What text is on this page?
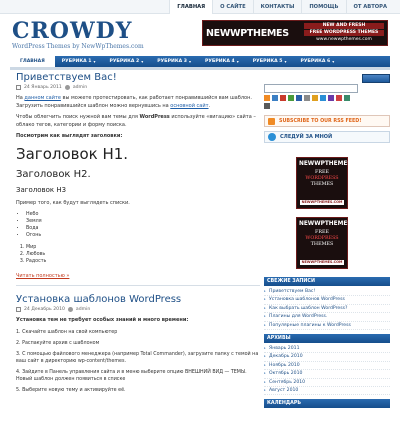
ГЛАВНАЯ	О САЙТЕ	КОНТАКТЫ	ПОМОЩЬ	ОТ АВТОРА
CROWDY
WordPress Themes by NewWpThemes.com
NEWWPTHEMES
NEW AND FRESH
FREE WORDPRESS THEMES
www.newwpthemes.com
ГЛАВНАЯ	РУБРИКА 1 ▾	РУБРИКА 2 ▾	РУБРИКА 3 ▾	РУБРИКА 4 ▾	РУБРИКА 5 ▾	РУБРИКА 6 ▾
Приветствуем Вас!
24 Январь 2011 admin
На данном сайте вы можете протестировать, как работает понравившийся вам шаблон. Загрузить понравившийся шаблон можно вернувшись на основной сайт.
Чтобы облегчить поиск нужной вам темы для WordPress используйте «вигацию» сайта – облако тегов, категории и форму поиска.
Посмотрим как выглядят заголовки:
Заголовок H1.
Заголовок H2.
Заголовок H3
Пример того, как будут выглядеть списки.
• Небо
• Земля
• Вода
• Огонь
1. Мир
2. Любовь
3. Радость
Читать полностью »
Установка шаблонов WordPress
24 Декабрь 2010 admin
Установка тем не требует особых знаний и много времени:
1. Скачайте шаблон на свой компьютер
2. Распакуйте архив с шаблоном
3. С помощью файлового менеджера (например Total Commander), загрузите папку с темой на ваш сайт в директорию wp-content/themes.
4. Зайдите в Панель управления сайта и в меню выберите опцию ВНЕШНИЙ ВИД — ТЕМЫ. Новый шаблон должен появиться в списке
5. Выберите новую тему и активируйте её.
SUBSCRIBE TO OUR RSS FEED!
СЛЕДУЙ ЗА МНОЙ
NEWWPTHEMES
FREE
WORDPRESS
THEMES
NEWWPTHEMES.COM
NEWWPTHEMES
FREE
WORDPRESS
THEMES
NEWWPTHEMES.COM
СВЕЖИЕ ЗАПИСИ
▸ Приветствуем Вас!
▸ Установка шаблонов WordPress
▸ Как выбрать шаблон WordPress?
▸ Плагины для WordPress.
▸ Популярные плагины к WordPress
АРХИВЫ
▸ Январь 2011
▸ Декабрь 2010
▸ Ноябрь 2010
▸ Октябрь 2010
▸ Сентябрь 2010
▸ Август 2010
КАЛЕНДАРЬ
